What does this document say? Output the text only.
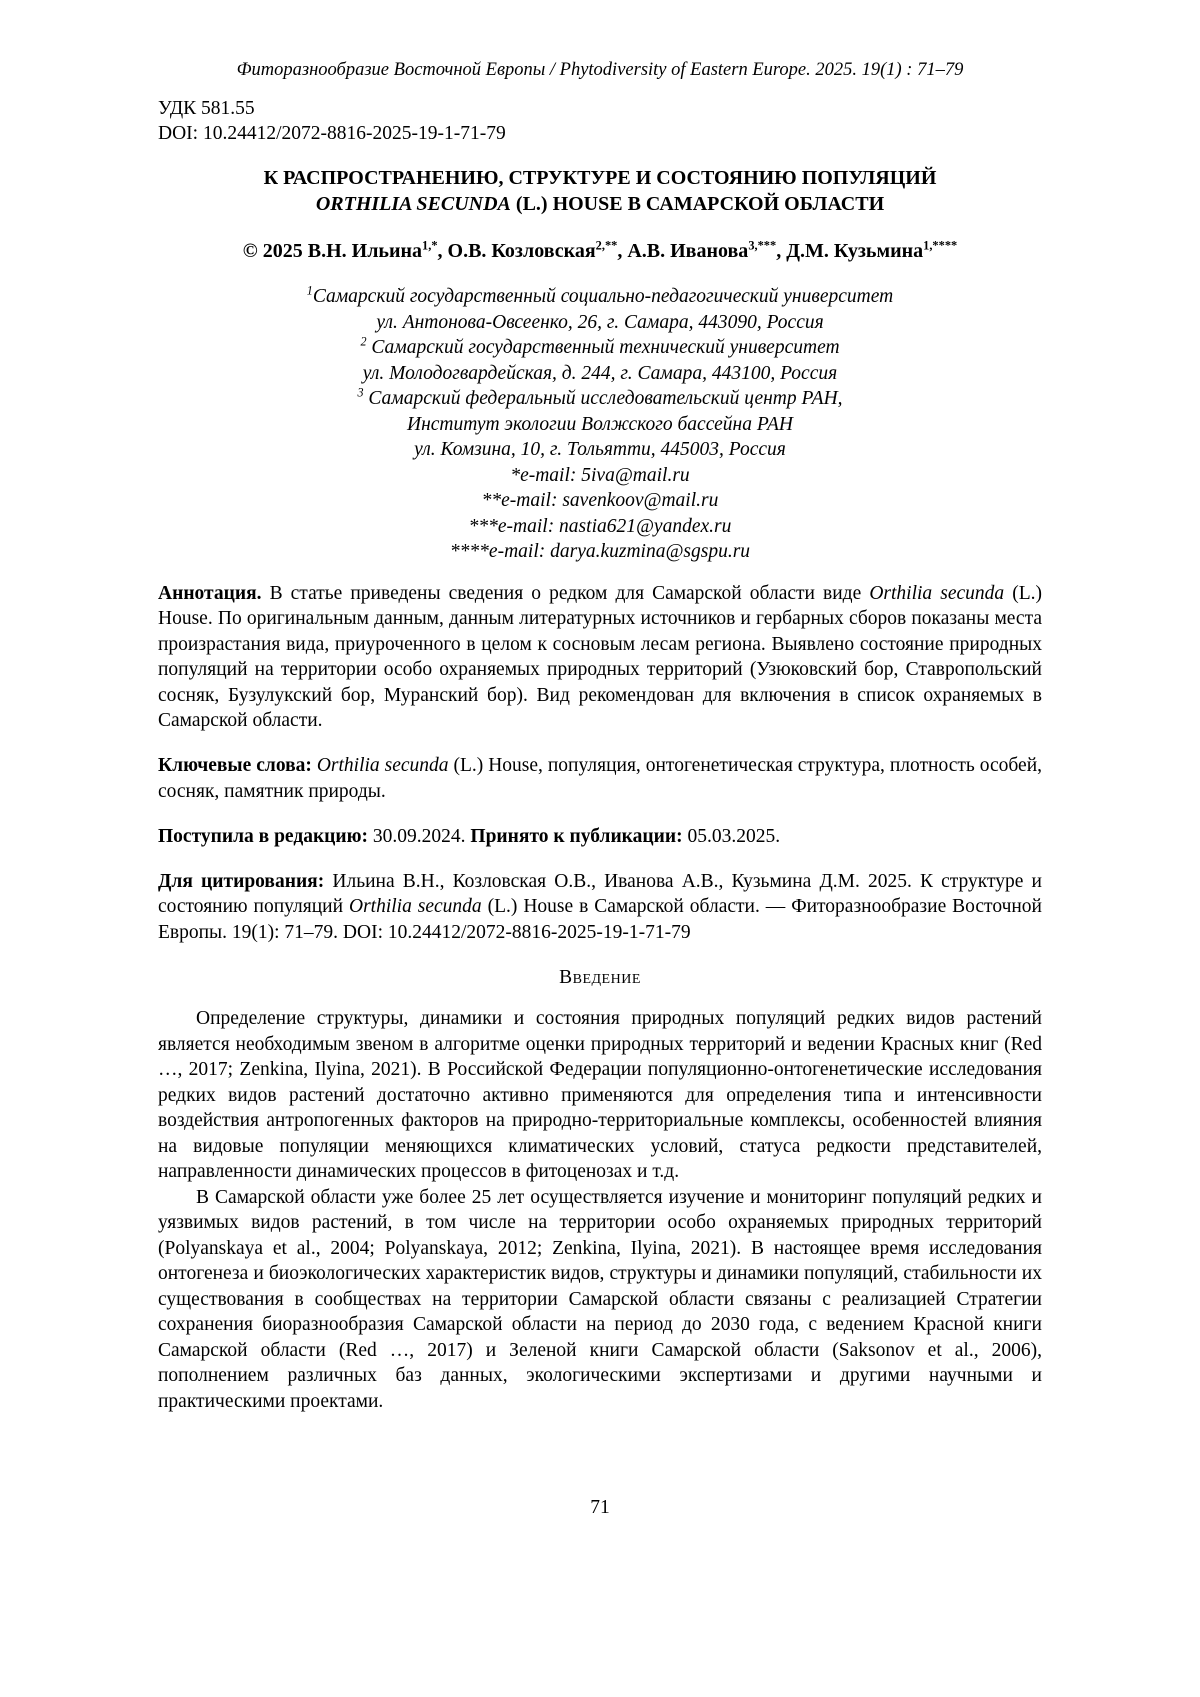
Фиторазнообразие Восточной Европы / Phytodiversity of Eastern Europe. 2025. 19(1) : 71–79
УДК 581.55
DOI: 10.24412/2072-8816-2025-19-1-71-79
К РАСПРОСТРАНЕНИЮ, СТРУКТУРЕ И СОСТОЯНИЮ ПОПУЛЯЦИЙ
ORTHILIA SECUNDA (L.) HOUSE В САМАРСКОЙ ОБЛАСТИ
© 2025 В.Н. Ильина$^{1,*}$, О.В. Козловская$^{2,**}$, А.В. Иванова$^{3,***}$, Д.М. Кузьмина$^{1,****}$
$^1$Самарский государственный социально-педагогический университет
ул. Антонова-Овсеенко, 26, г. Самара, 443090, Россия
$^2$ Самарский государственный технический университет
ул. Молодогвардейская, д. 244, г. Самара, 443100, Россия
$^3$ Самарский федеральный исследовательский центр РАН,
Институт экологии Волжского бассейна РАН
ул. Комзина, 10, г. Тольятти, 445003, Россия
*e-mail: 5iva@mail.ru
**e-mail: savenkoov@mail.ru
***e-mail: nastia621@yandex.ru
****e-mail: darya.kuzmina@sgspu.ru

Аннотация. В статье приведены сведения о редком для Самарской области виде Orthilia secunda (L.) House. По оригинальным данным, данным литературных источников и гербарных сборов показаны места произрастания вида, приуроченного в целом к сосновым лесам региона. Выявлено состояние природных популяций на территории особо охраняемых природных территорий (Узюковский бор, Ставропольский сосняк, Бузулукский бор, Муранский бор). Вид рекомендован для включения в список охраняемых в Самарской области.

Ключевые слова: Orthilia secunda (L.) House, популяция, онтогенетическая структура, плотность особей, сосняк, памятник природы.

Поступила в редакцию: 30.09.2024. Принято к публикации: 05.03.2025.

Для цитирования: Ильина В.Н., Козловская О.В., Иванова А.В., Кузьмина Д.М. 2025. К структуре и состоянию популяций Orthilia secunda (L.) House в Самарской области. — Фиторазнообразие Восточной Европы. 19(1): 71–79. DOI: 10.24412/2072-8816-2025-19-1-71-79

Введение

Определение структуры, динамики и состояния природных популяций редких видов растений является необходимым звеном в алгоритме оценки природных территорий и ведении Красных книг (Red …, 2017; Zenkina, Ilyina, 2021). В Российской Федерации популяционно-онтогенетические исследования редких видов растений достаточно активно применяются для определения типа и интенсивности воздействия антропогенных факторов на природно-территориальные комплексы, особенностей влияния на видовые популяции меняющихся климатических условий, статуса редкости представителей, направленности динамических процессов в фитоценозах и т.д.

В Самарской области уже более 25 лет осуществляется изучение и мониторинг популяций редких и уязвимых видов растений, в том числе на территории особо охраняемых природных территорий (Polyanskaya et al., 2004; Polyanskaya, 2012; Zenkina, Ilyina, 2021). В настоящее время исследования онтогенеза и биоэкологических характеристик видов, структуры и динамики популяций, стабильности их существования в сообществах на территории Самарской области связаны с реализацией Стратегии сохранения биоразнообразия Самарской области на период до 2030 года, с ведением Красной книги Самарской области (Red …, 2017) и Зеленой книги Самарской области (Saksonov et al., 2006), пополнением различных баз данных, экологическими экспертизами и другими научными и практическими проектами.

71
